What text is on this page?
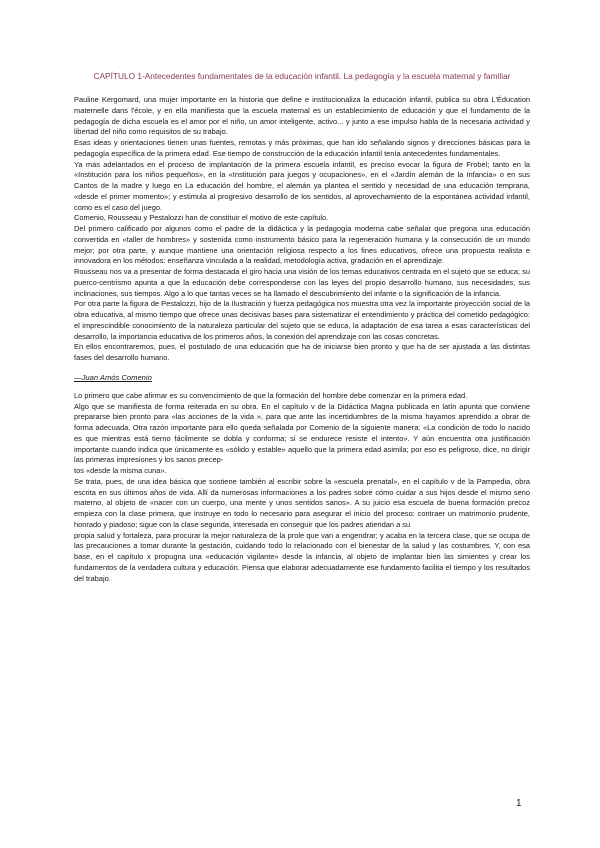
CAPÍTULO 1-Antecedentes fundamentales de la educación infantil. La pedagogía y la escuela maternal y familiar

Pauline Kergomard, una mujer importante en la historia que define e institucionaliza la educación infantil, publica su obra L'Éducation maternelle dans l'école, y en ella manifiesta que la escuela maternal es un establecimiento de educación y que el fundamento de la pedagogía de dicha escuela es el amor por el niño, un amor inteligente, activo... y junto a ese impulso habla de la necesaria actividad y libertad del niño como requisitos de su trabajo.

Esas ideas y orientaciones tienen unas fuentes, remotas y más próximas, que han ido señalando signos y direcciones básicas para la pedagogía específica de la primera edad. Ese tiempo de construcción de la educación infantil tenía antecedentes fundamentales.

Ya más adelantados en el proceso de implantación de la primera escuela infantil, es preciso evocar la figura de Frobel; tanto en la «Institución para los niños pequeños», en la «Institución para juegos y ocupaciones», en el «Jardín alemán de la Infancia» o en sus Cantos de la madre y luego en La educación del hombre, el alemán ya plantea el sentido y necesidad de una educación temprana, «desde el primer momento»; y estimula al progresivo desarrollo de los sentidos, al aprovechamiento de la espontánea actividad infantil, como es el caso del juego.

Comenio, Rousseau y Pestalozzi han de constituir el motivo de este capítulo.

Del primero calificado por algunos como el padre de la didáctica y la pedagogía moderna cabe señalar que pregona una educación convertida en «taller de hombres» y sostenida como instrumento básico para la regeneración humana y la consecución de un mundo mejor; por otra parte, y aunque mantiene una orientación religiosa respecto a los fines educativos, ofrece una propuesta realista e innovadora en los métodos: enseñanza vinculada a la realidad, metodología activa, gradación en el aprendizaje.

Rousseau nos va a presentar de forma destacada el giro hacia una visión de los temas educativos centrada en el sujeto que se educa; su puerco-centrismo apunta a que la educación debe corresponderse con las leyes del propio desarrollo humano, sus necesidades, sus inclinaciones, sus tiempos. Algo a lo que tantas veces se ha llamado el descubrimiento del infante o la significación de la infancia.

Por otra parte la figura de Pestalozzi, hijo de la Ilustración y fuerza pedagógica nos muestra otra vez la importante proyección social de la obra educativa, al mismo tiempo que ofrece unas decisivas bases para sistematizar el entendimiento y práctica del cometido pedagógico: el imprescindible conocimiento de la naturaleza particular del sujeto que se educa, la adaptación de esa tarea a esas características del desarrollo, la importancia educativa de los primeros años, la conexión del aprendizaje con las cosas concretas.

En ellos encontraremos, pues, el postulado de una educación que ha de iniciarse bien pronto y que ha de ser ajustada a las distintas fases del desarrollo humano.

—Juan Amós Comenio

Lo primero que cabe afirmar es su convencimiento de que la formación del hombre debe comenzar en la primera edad.

Algo que se manifiesta de forma reiterada en su obra. En el capítulo v de la Didáctica Magna publicada en latín apunta que conviene prepararse bien pronto para «las acciones de la vida », para que ante las incertidumbres de la misma hayamos aprendido a obrar de forma adecuada. Otra razón importante para ello queda señalada por Comenio de la siguiente manera: «La condición de todo lo nacido es que mientras está tierno fácilmente se dobla y conforma; si se endurece resiste el intento». Y aún encuentra otra justificación importante cuando indica que únicamente es «sólido y estable» aquello que la primera edad asimila; por eso es peligroso, dice, no dirigir las primeras impresiones y los sanos precep-

tos «desde la misma cuna».

Se trata, pues, de una idea básica que sostiene también al escribir sobre la «escuela prenatal», en el capítulo v de la Pampedia, obra escrita en sus últimos años de vida. Allí da numerosas informaciones a los padres sobre cómo cuidar a sus hijos desde el mismo seno materno, al objeto de «nacer con un cuerpo, una mente y unos sentidos sanos». A su juicio esa escuela de buena formación precoz empieza con la clase primera, que instruye en todo lo necesario para asegurar el inicio del proceso: contraer un matrimonio prudente, honrado y piadoso; sigue con la clase segunda, interesada en conseguir que los padres atiendan a su

propia salud y fortaleza, para procurar la mejor naturaleza de la prole que van a engendrar; y acaba en la tercera clase, que se ocupa de las precauciones a tomar durante la gestación, cuidando todo lo relacionado con el bienestar de la salud y las costumbres. Y, con esa base, en el capítulo x propugna una «educación vigilante» desde la infancia, al objeto de implantar bien las simientes y crear los fundamentos de la verdadera cultura y educación. Piensa que elaborar adecuadamente ese fundamento facilita el tiempo y los resultados del trabajo.

1
